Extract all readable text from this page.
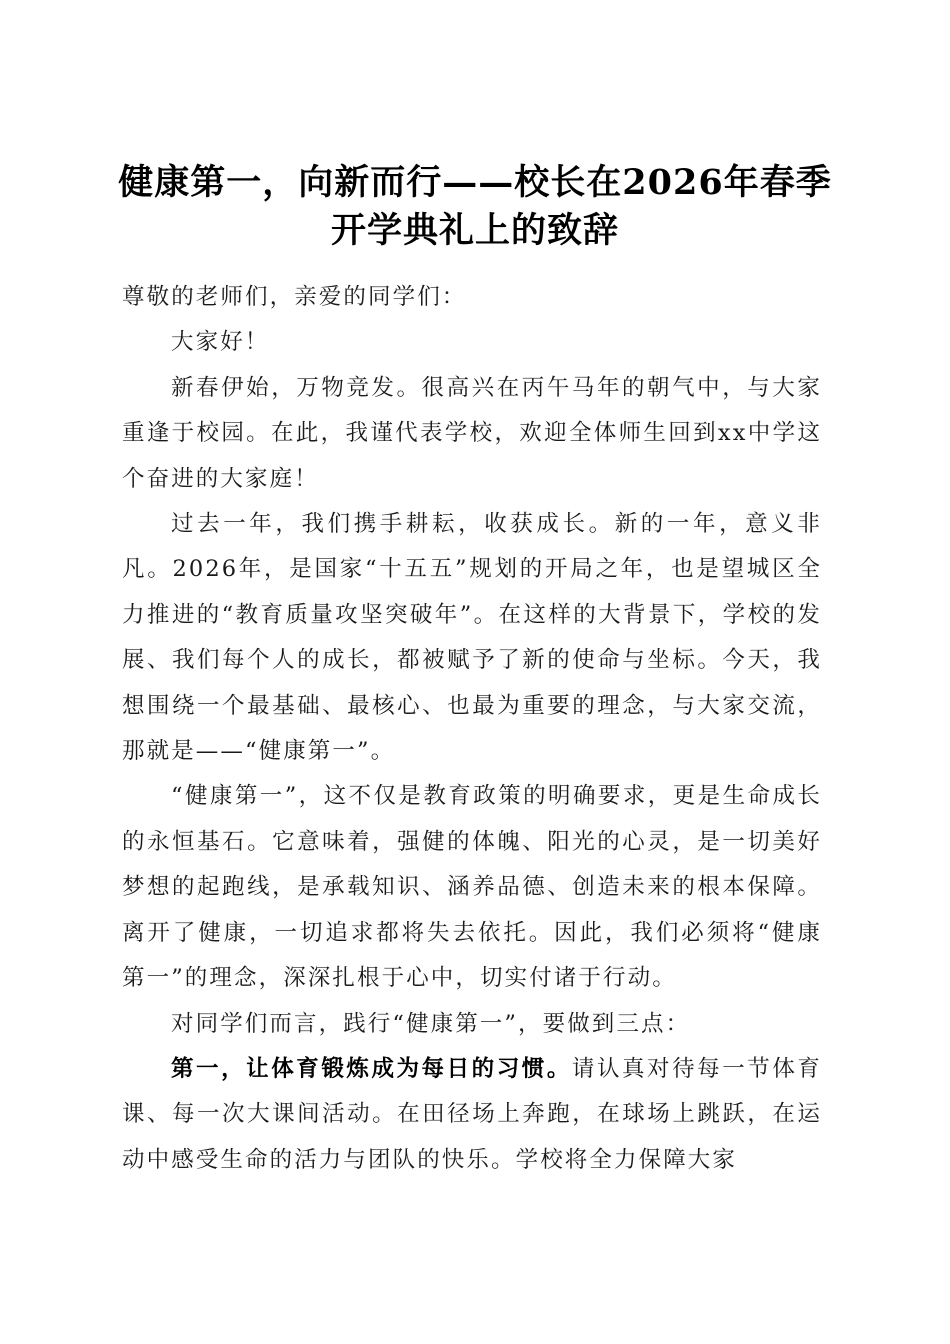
健康第一，向新而行——校长在2026年春季
开学典礼上的致辞

尊敬的老师们，亲爱的同学们：

大家好！

新春伊始，万物竞发。很高兴在丙午马年的朝气中，与大家重逢于校园。在此，我谨代表学校，欢迎全体师生回到xx中学这个奋进的大家庭！

过去一年，我们携手耕耘，收获成长。新的一年，意义非凡。2026年，是国家“十五五”规划的开局之年，也是望城区全力推进的“教育质量攻坚突破年”。在这样的大背景下，学校的发展、我们每个人的成长，都被赋予了新的使命与坐标。今天，我想围绕一个最基础、最核心、也最为重要的理念，与大家交流，那就是——“健康第一”。

“健康第一”，这不仅是教育政策的明确要求，更是生命成长的永恒基石。它意味着，强健的体魄、阳光的心灵，是一切美好梦想的起跑线，是承载知识、涵养品德、创造未来的根本保障。离开了健康，一切追求都将失去依托。因此，我们必须将“健康第一”的理念，深深扎根于心中，切实付诸于行动。

对同学们而言，践行“健康第一”，要做到三点：

第一，让体育锻炼成为每日的习惯。请认真对待每一节体育课、每一次大课间活动。在田径场上奔跑，在球场上跳跃，在运动中感受生命的活力与团队的快乐。学校将全力保障大家
